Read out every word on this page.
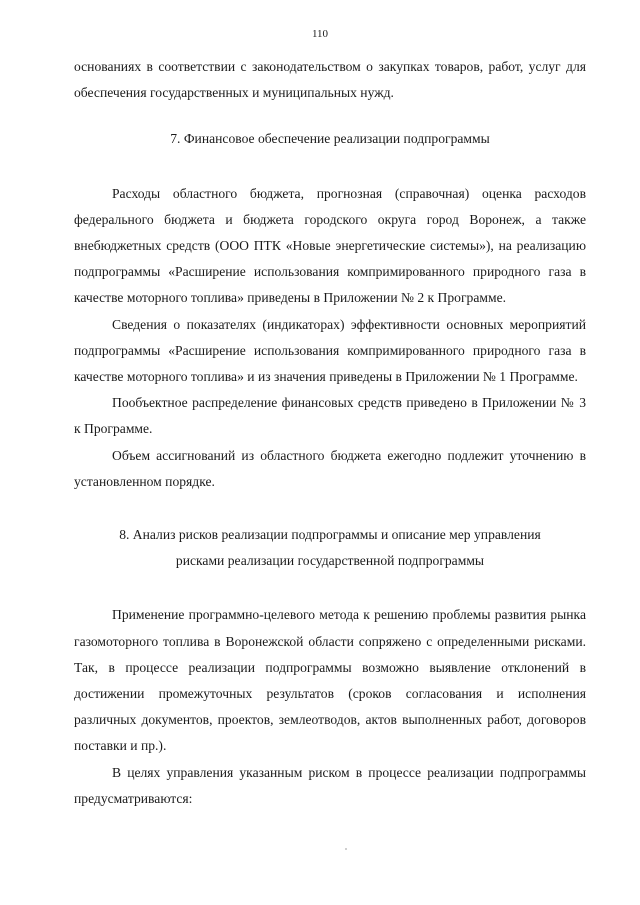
110

основаниях в соответствии с законодательством о закупках товаров, работ, услуг для обеспечения государственных и муниципальных нужд.

7. Финансовое обеспечение реализации подпрограммы

Расходы областного бюджета, прогнозная (справочная) оценка расходов федерального бюджета и бюджета городского округа город Воронеж, а также внебюджетных средств (ООО ПТК «Новые энергетические системы»), на реализацию подпрограммы «Расширение использования компримированного природного газа в качестве моторного топлива» приведены в Приложении № 2 к Программе.

Сведения о показателях (индикаторах) эффективности основных мероприятий подпрограммы «Расширение использования компримированного природного газа в качестве моторного топлива» и из значения приведены в Приложении № 1 Программе.

Пообъектное распределение финансовых средств приведено в Приложении № 3 к Программе.

Объем ассигнований из областного бюджета ежегодно подлежит уточнению в установленном порядке.

8. Анализ рисков реализации подпрограммы и описание мер управления

рисками реализации государственной подпрограммы

Применение программно-целевого метода к решению проблемы развития рынка газомоторного топлива в Воронежской области сопряжено с определенными рисками. Так, в процессе реализации подпрограммы возможно выявление отклонений в достижении промежуточных результатов (сроков согласования и исполнения различных документов, проектов, землеотводов, актов выполненных работ, договоров поставки и пр.).

В целях управления указанным риском в процессе реализации подпрограммы предусматриваются:
